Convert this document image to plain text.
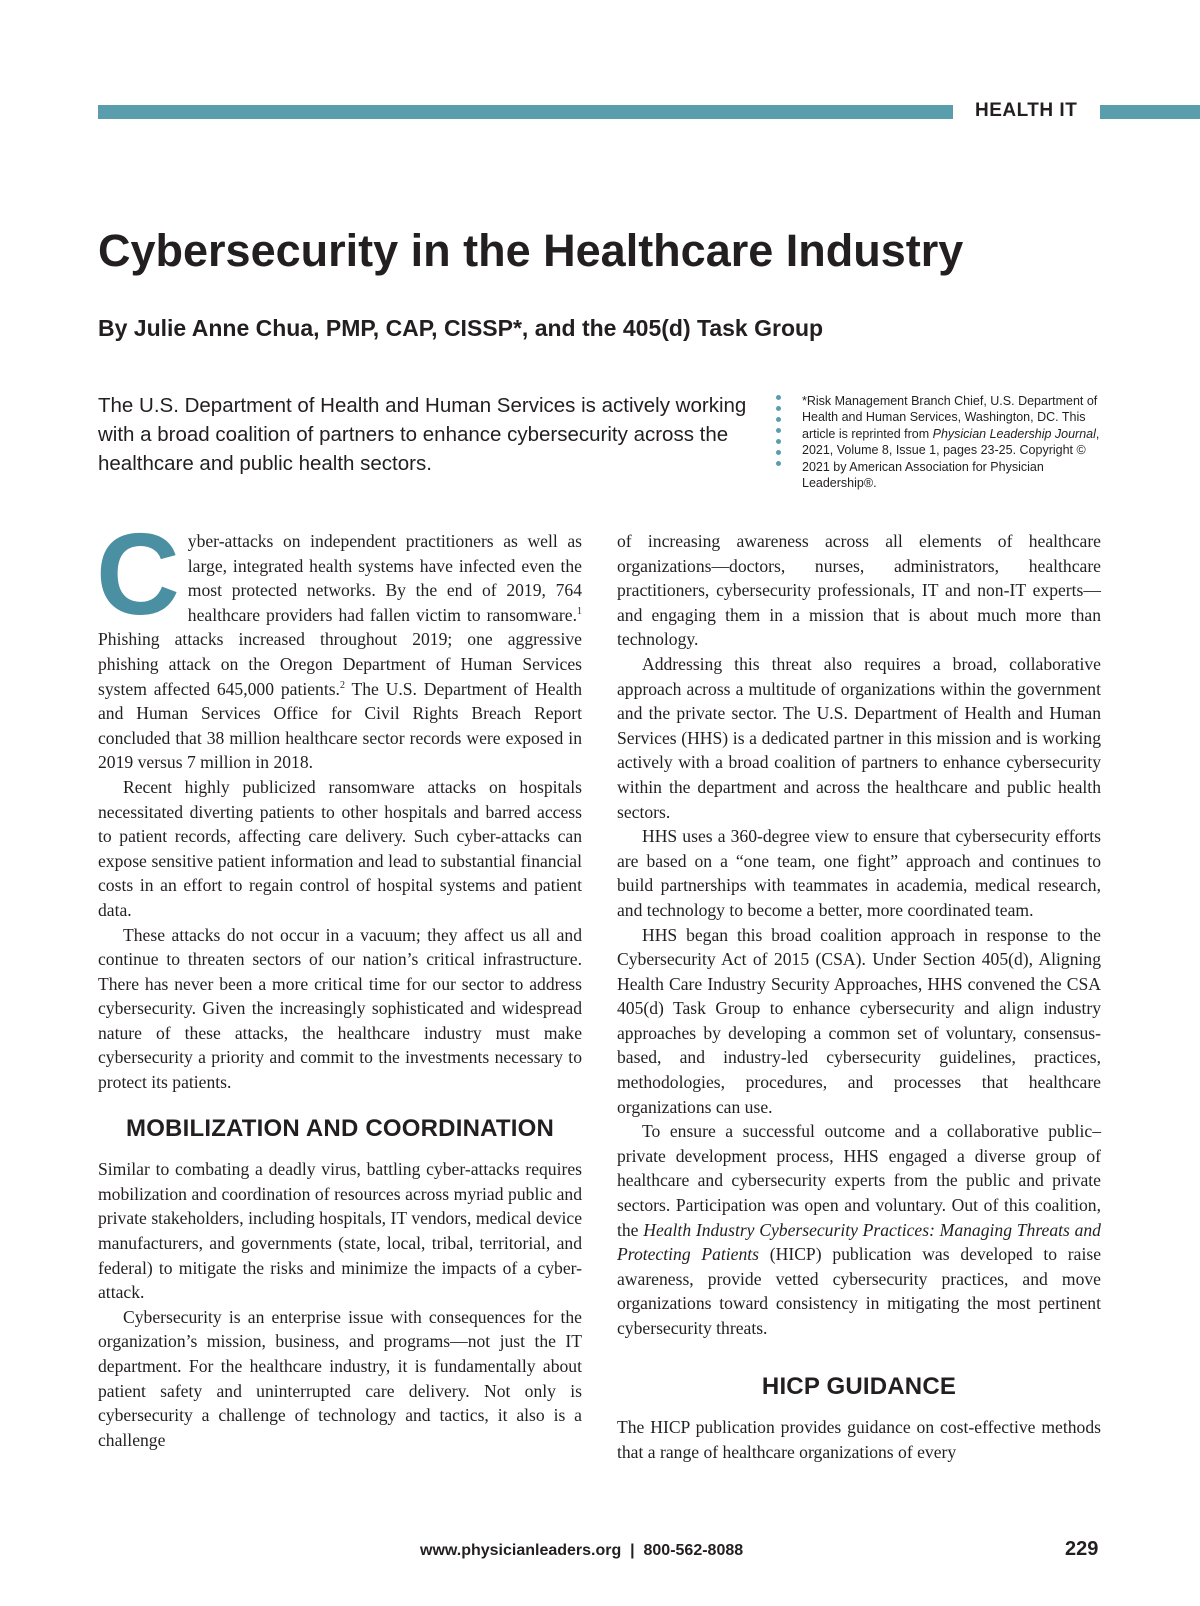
HEALTH IT
Cybersecurity in the Healthcare Industry
By Julie Anne Chua, PMP, CAP, CISSP*, and the 405(d) Task Group

The U.S. Department of Health and Human Services is actively working with a broad coalition of partners to enhance cybersecurity across the healthcare and public health sectors.

*Risk Management Branch Chief, U.S. Department of Health and Human Services, Washington, DC. This article is reprinted from Physician Leadership Journal, 2021, Volume 8, Issue 1, pages 23-25. Copyright © 2021 by American Association for Physician Leadership®.

Cyber-attacks on independent practitioners as well as large, integrated health systems have infected even the most protected networks. By the end of 2019, 764 healthcare providers had fallen victim to ransomware.$^1$ Phishing attacks increased throughout 2019; one aggressive phishing attack on the Oregon Department of Human Services system affected 645,000 patients.$^2$ The U.S. Department of Health and Human Services Office for Civil Rights Breach Report concluded that 38 million healthcare sector records were exposed in 2019 versus 7 million in 2018.

Recent highly publicized ransomware attacks on hospitals necessitated diverting patients to other hospitals and barred access to patient records, affecting care delivery. Such cyber-attacks can expose sensitive patient information and lead to substantial financial costs in an effort to regain control of hospital systems and patient data.

These attacks do not occur in a vacuum; they affect us all and continue to threaten sectors of our nation’s critical infrastructure. There has never been a more critical time for our sector to address cybersecurity. Given the increasingly sophisticated and widespread nature of these attacks, the healthcare industry must make cybersecurity a priority and commit to the investments necessary to protect its patients.

MOBILIZATION AND COORDINATION

Similar to combating a deadly virus, battling cyber-attacks requires mobilization and coordination of resources across myriad public and private stakeholders, including hospitals, IT vendors, medical device manufacturers, and governments (state, local, tribal, territorial, and federal) to mitigate the risks and minimize the impacts of a cyber-attack.

Cybersecurity is an enterprise issue with consequences for the organization’s mission, business, and programs—not just the IT department. For the healthcare industry, it is fundamentally about patient safety and uninterrupted care delivery. Not only is cybersecurity a challenge of technology and tactics, it also is a challenge

of increasing awareness across all elements of healthcare organizations—doctors, nurses, administrators, healthcare practitioners, cybersecurity professionals, IT and non-IT experts—and engaging them in a mission that is about much more than technology.

Addressing this threat also requires a broad, collaborative approach across a multitude of organizations within the government and the private sector. The U.S. Department of Health and Human Services (HHS) is a dedicated partner in this mission and is working actively with a broad coalition of partners to enhance cybersecurity within the department and across the healthcare and public health sectors.

HHS uses a 360-degree view to ensure that cybersecurity efforts are based on a “one team, one fight” approach and continues to build partnerships with teammates in academia, medical research, and technology to become a better, more coordinated team.

HHS began this broad coalition approach in response to the Cybersecurity Act of 2015 (CSA). Under Section 405(d), Aligning Health Care Industry Security Approaches, HHS convened the CSA 405(d) Task Group to enhance cybersecurity and align industry approaches by developing a common set of voluntary, consensus-based, and industry-led cybersecurity guidelines, practices, methodologies, procedures, and processes that healthcare organizations can use.

To ensure a successful outcome and a collaborative public–private development process, HHS engaged a diverse group of healthcare and cybersecurity experts from the public and private sectors. Participation was open and voluntary. Out of this coalition, the Health Industry Cybersecurity Practices: Managing Threats and Protecting Patients (HICP) publication was developed to raise awareness, provide vetted cybersecurity practices, and move organizations toward consistency in mitigating the most pertinent cybersecurity threats.

HICP GUIDANCE

The HICP publication provides guidance on cost-effective methods that a range of healthcare organizations of every

www.physicianleaders.org  |  800-562-8088	229
